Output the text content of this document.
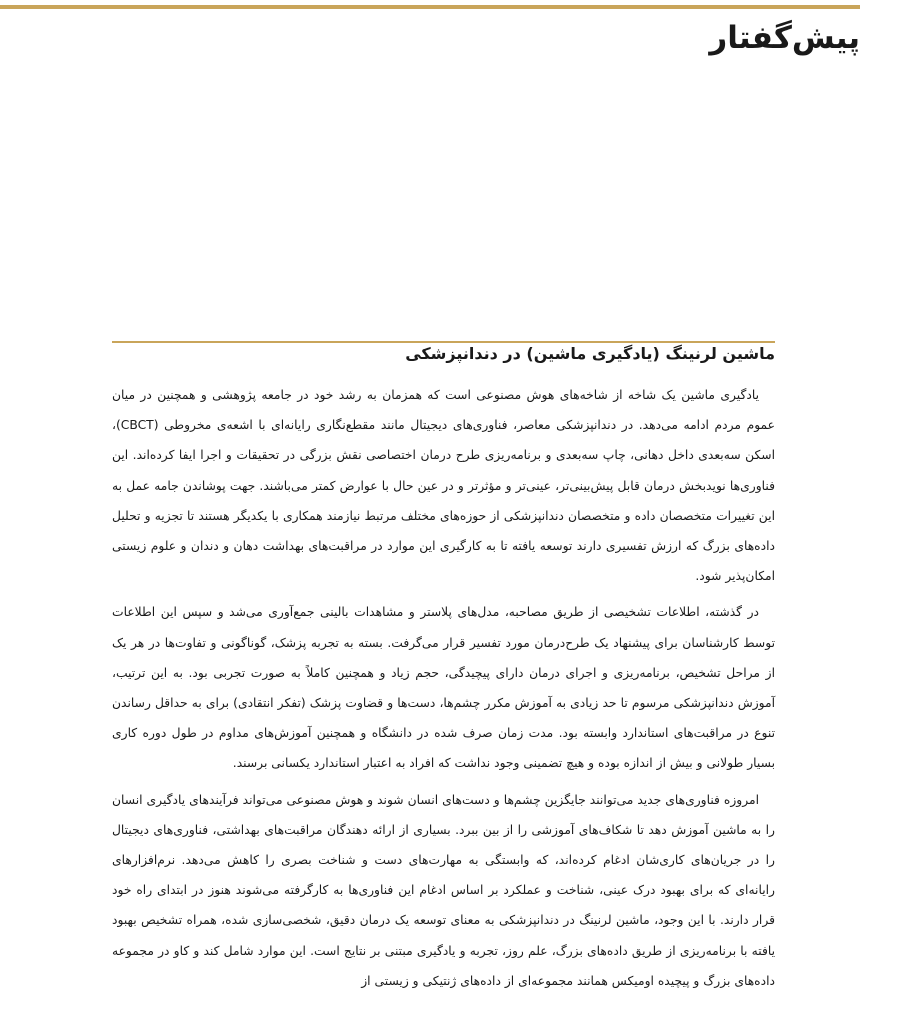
پیش‌گفتار
ماشین لرنینگ (یادگیری ماشین) در دندانپزشکی

یادگیری ماشین یک شاخه از شاخه‌های هوش مصنوعی است که همزمان به رشد خود در جامعه پژوهشی و همچنین در میان عموم مردم ادامه می‌دهد. در دندانپزشکی معاصر، فناوری‌های دیجیتال مانند مقطع‌نگاری رایانه‌ای با اشعه‌ی مخروطی (CBCT)، اسکن سه‌بعدی داخل دهانی، چاپ سه‌بعدی و برنامه‌ریزی طرح درمان اختصاصی نقش بزرگی در تحقیقات و اجرا ایفا کرده‌اند. این فناوری‌ها نویدبخش درمان قابل پیش‌بینی‌تر، عینی‌تر و مؤثرتر و در عین حال با عوارض کمتر می‌باشند. جهت پوشاندن جامه عمل به این تغییرات متخصصان داده و متخصصان دندانپزشکی از حوزه‌های مختلف مرتبط نیازمند همکاری با یکدیگر هستند تا تجزیه و تحلیل داده‌های بزرگ که ارزش تفسیری دارند توسعه یافته تا به کارگیری این موارد در مراقبت‌های بهداشت دهان و دندان و علوم زیستی امکان‌پذیر شود.

در گذشته، اطلاعات تشخیصی از طریق مصاحبه، مدل‌های پلاستر و مشاهدات بالینی جمع‌آوری می‌شد و سپس این اطلاعات توسط کارشناسان برای پیشنهاد یک طرح‌درمان مورد تفسیر قرار می‌گرفت. بسته به تجربه پزشک، گوناگونی و تفاوت‌ها در هر یک از مراحل تشخیص، برنامه‌ریزی و اجرای درمان دارای پیچیدگی، حجم زیاد و همچنین کاملاً به صورت تجربی بود. به این ترتیب، آموزش دندانپزشکی مرسوم تا حد زیادی به آموزش مکرر چشم‌ها، دست‌ها و قضاوت پزشک (تفکر انتقادی) برای به حداقل رساندن تنوع در مراقبت‌های استاندارد وابسته بود. مدت زمان صرف شده در دانشگاه و همچنین آموزش‌های مداوم در طول دوره کاری بسیار طولانی و بیش از اندازه بوده و هیچ تضمینی وجود نداشت که افراد به اعتبار استاندارد یکسانی برسند.

امروزه فناوری‌های جدید می‌توانند جایگزین چشم‌ها و دست‌های انسان شوند و هوش مصنوعی می‌تواند فرآیندهای یادگیری انسان را به ماشین آموزش دهد تا شکاف‌های آموزشی را از بین ببرد. بسیاری از ارائه دهندگان مراقبت‌های بهداشتی، فناوری‌های دیجیتال را در جریان‌های کاری‌شان ادغام کرده‌اند، که وابستگی به مهارت‌های دست و شناخت بصری را کاهش می‌دهد. نرم‌افزارهای رایانه‌ای که برای بهبود درک عینی، شناخت و عملکرد بر اساس ادغام این فناوری‌ها به کارگرفته می‌شوند هنوز در ابتدای راه خود قرار دارند. با این وجود، ماشین لرنینگ در دندانپزشکی به معنای توسعه یک درمان دقیق، شخصی‌سازی شده، همراه تشخیص بهبود یافته با برنامه‌ریزی از طریق داده‌های بزرگ، علم روز، تجربه و یادگیری مبتنی بر نتایج است. این موارد شامل کند و کاو در مجموعه داده‌های بزرگ و پیچیده اومیکس همانند مجموعه‌ای از داده‌های ژنتیکی و زیستی از
